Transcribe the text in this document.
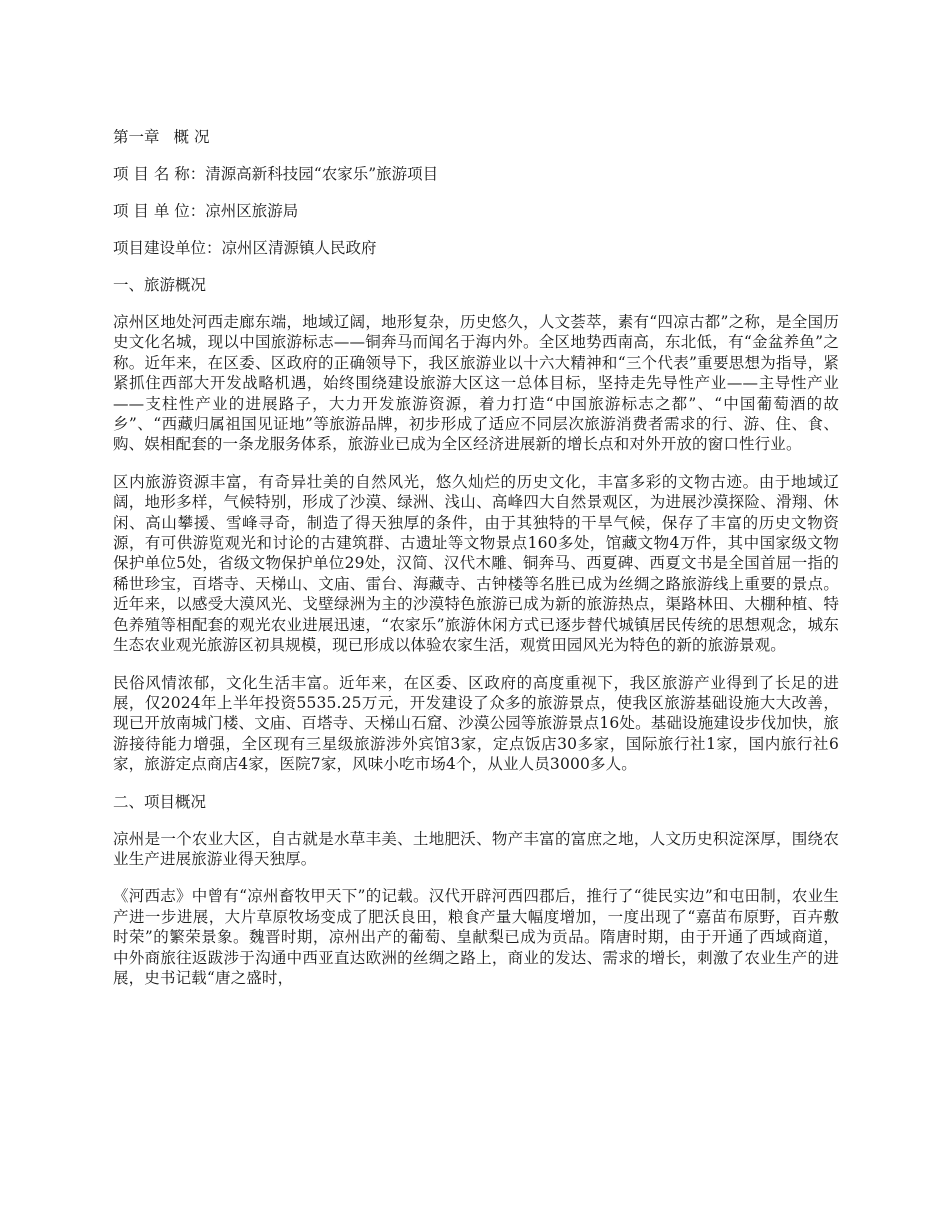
第一章 概 况

项 目 名 称：清源高新科技园“农家乐”旅游项目

项 目 单 位：凉州区旅游局

项目建设单位：凉州区清源镇人民政府

一、旅游概况

凉州区地处河西走廊东端，地域辽阔，地形复杂，历史悠久，人文荟萃，素有“四凉古都”之称，是全国历史文化名城，现以中国旅游标志——铜奔马而闻名于海内外。全区地势西南高，东北低，有“金盆养鱼”之称。近年来，在区委、区政府的正确领导下，我区旅游业以十六大精神和“三个代表”重要思想为指导，紧紧抓住西部大开发战略机遇，始终围绕建设旅游大区这一总体目标，坚持走先导性产业——主导性产业——支柱性产业的进展路子，大力开发旅游资源，着力打造“中国旅游标志之都”、“中国葡萄酒的故乡”、“西藏归属祖国见证地”等旅游品牌，初步形成了适应不同层次旅游消费者需求的行、游、住、食、购、娱相配套的一条龙服务体系，旅游业已成为全区经济进展新的增长点和对外开放的窗口性行业。

区内旅游资源丰富，有奇异壮美的自然风光，悠久灿烂的历史文化，丰富多彩的文物古迹。由于地域辽阔，地形多样，气候特别，形成了沙漠、绿洲、浅山、高峰四大自然景观区，为进展沙漠探险、滑翔、休闲、高山攀援、雪峰寻奇，制造了得天独厚的条件，由于其独特的干旱气候，保存了丰富的历史文物资源，有可供游览观光和讨论的古建筑群、古遗址等文物景点160多处，馆藏文物4万件，其中国家级文物保护单位5处，省级文物保护单位29处，汉简、汉代木雕、铜奔马、西夏碑、西夏文书是全国首屈一指的稀世珍宝，百塔寺、天梯山、文庙、雷台、海藏寺、古钟楼等名胜已成为丝绸之路旅游线上重要的景点。近年来，以感受大漠风光、戈壁绿洲为主的沙漠特色旅游已成为新的旅游热点，渠路林田、大棚种植、特色养殖等相配套的观光农业进展迅速，“农家乐”旅游休闲方式已逐步替代城镇居民传统的思想观念，城东生态农业观光旅游区初具规模，现已形成以体验农家生活，观赏田园风光为特色的新的旅游景观。

民俗风情浓郁，文化生活丰富。近年来，在区委、区政府的高度重视下，我区旅游产业得到了长足的进展，仅2024年上半年投资5535.25万元，开发建设了众多的旅游景点，使我区旅游基础设施大大改善，现已开放南城门楼、文庙、百塔寺、天梯山石窟、沙漠公园等旅游景点16处。基础设施建设步伐加快，旅游接待能力增强，全区现有三星级旅游涉外宾馆3家，定点饭店30多家，国际旅行社1家，国内旅行社6家，旅游定点商店4家，医院7家，风味小吃市场4个，从业人员3000多人。

二、项目概况

凉州是一个农业大区，自古就是水草丰美、土地肥沃、物产丰富的富庶之地，人文历史积淀深厚，围绕农业生产进展旅游业得天独厚。

《河西志》中曾有“凉州畜牧甲天下”的记载。汉代开辟河西四郡后，推行了“徙民实边”和屯田制，农业生产进一步进展，大片草原牧场变成了肥沃良田，粮食产量大幅度增加，一度出现了“嘉苗布原野，百卉敷时荣”的繁荣景象。魏晋时期，凉州出产的葡萄、皇献梨已成为贡品。隋唐时期，由于开通了西域商道，中外商旅往返跋涉于沟通中西亚直达欧洲的丝绸之路上，商业的发达、需求的增长，刺激了农业生产的进展，史书记载“唐之盛时，
